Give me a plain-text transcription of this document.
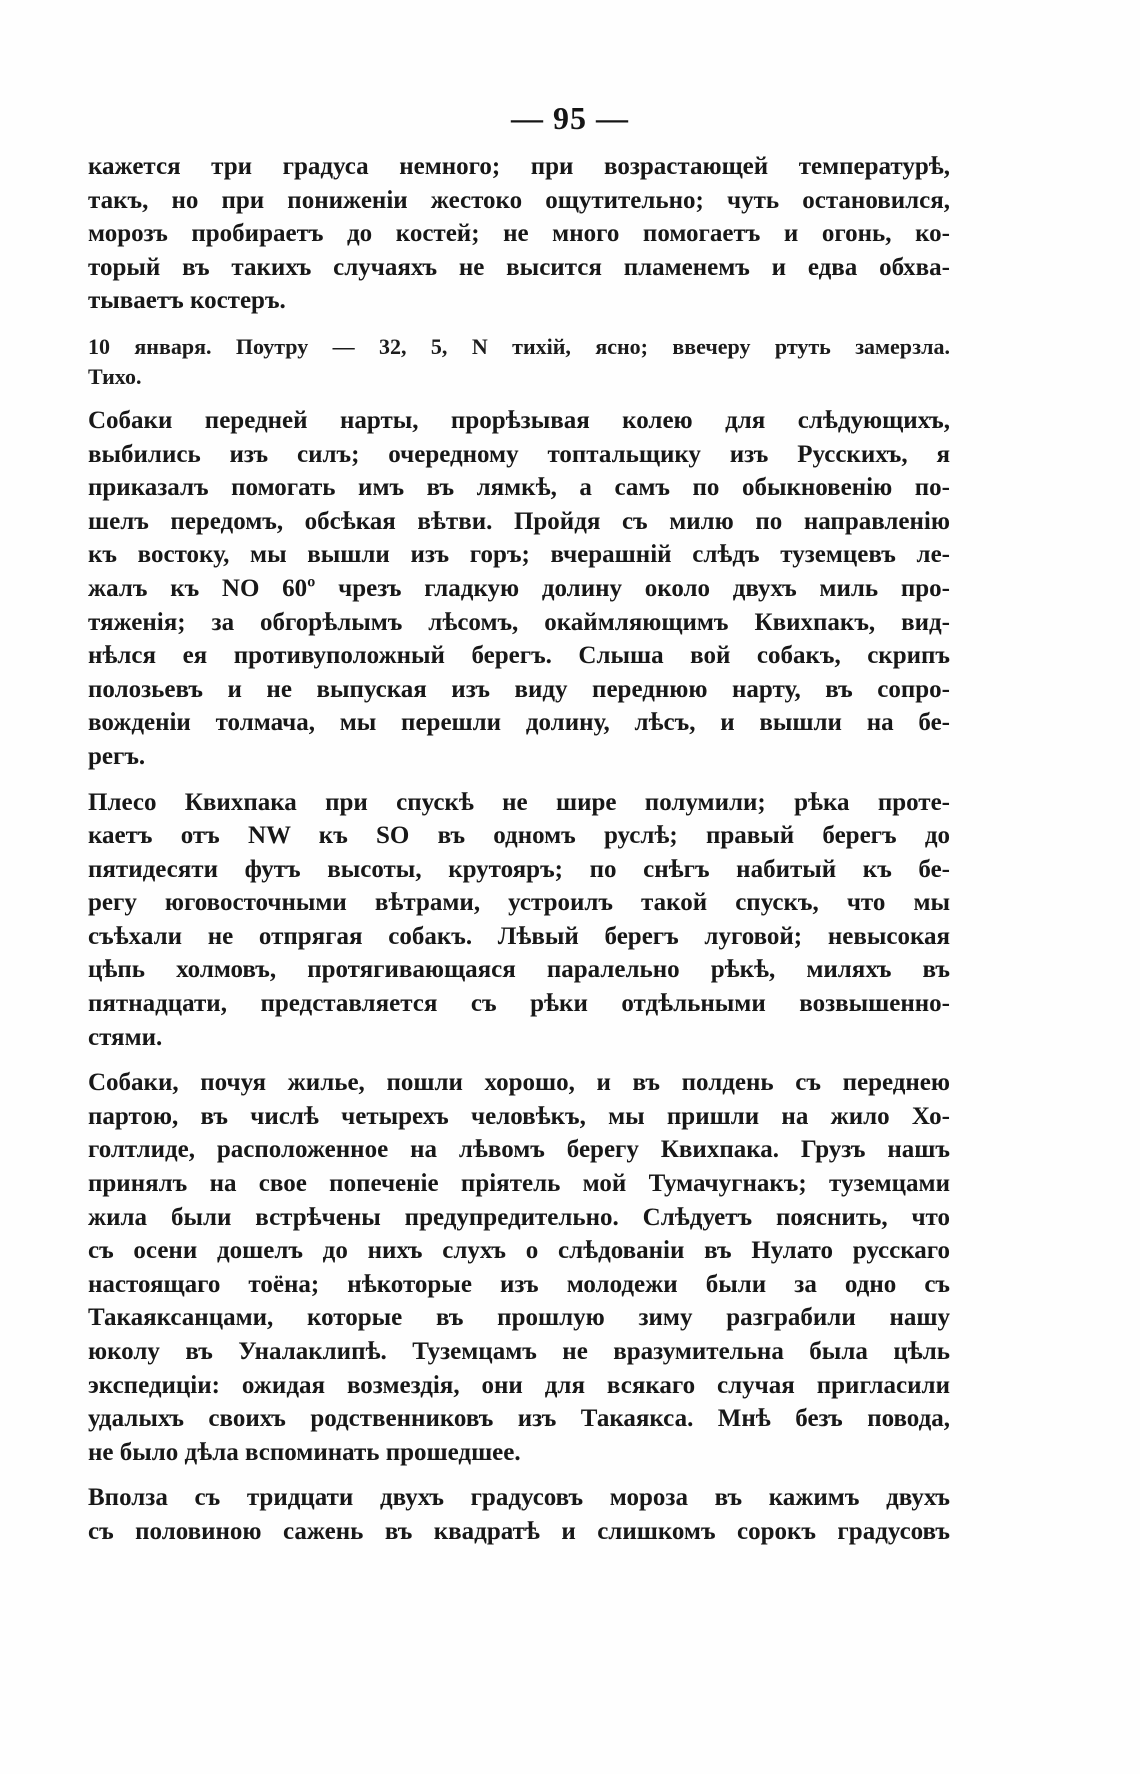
— 95 —

кажется три градуса немного; при возрастающей температурѣ,
такъ, но при пониженіи жестоко ощутительно; чуть остановился,
морозъ пробираетъ до костей; не много помогаетъ и огонь, ко-
торый въ такихъ случаяхъ не высится пламенемъ и едва обхва-
тываетъ костеръ.

10 января. Поутру — 32, 5, N тихій, ясно; ввечеру ртуть замерзла.
Тихо.

Собаки передней нарты, прорѣзывая колею для слѣдующихъ,
выбились изъ силъ; очередному топтальщику изъ Русскихъ, я
приказалъ помогать имъ въ лямкѣ, а самъ по обыкновенію по-
шелъ передомъ, обсѣкая вѣтви. Пройдя съ милю по направленію
къ востоку, мы вышли изъ горъ; вчерашній слѣдъ туземцевъ ле-
жалъ къ NO 60º чрезъ гладкую долину около двухъ миль про-
тяженія; за обгорѣлымъ лѣсомъ, окаймляющимъ Квихпакъ, вид-
нѣлся ея противуположный берегъ. Слыша вой собакъ, скрипъ
полозьевъ и не выпуская изъ виду переднюю нарту, въ сопро-
вожденіи толмача, мы перешли долину, лѣсъ, и вышли на бе-
регъ.

Плесо Квихпака при спускѣ не шире полумили; рѣка проте-
каетъ отъ NW къ SO въ одномъ руслѣ; правый берегъ до
пятидесяти футъ высоты, крутояръ; по снѣгъ набитый къ бе-
регу юговосточными вѣтрами, устроилъ такой спускъ, что мы
съѣхали не отпрягая собакъ. Лѣвый берегъ луговой; невысокая
цѣпь холмовъ, протягивающаяся паралельно рѣкѣ, миляхъ въ
пятнадцати, представляется съ рѣки отдѣльными возвышенно-
стями.

Собаки, почуя жилье, пошли хорошо, и въ полдень съ переднею
партою, въ числѣ четырехъ человѣкъ, мы пришли на жило Хо-
голтлиде, расположенное на лѣвомъ берегу Квихпака. Грузъ нашъ
принялъ на свое попеченіе пріятель мой Тумачугнакъ; туземцами
жила были встрѣчены предупредительно. Слѣдуетъ пояснить, что
съ осени дошелъ до нихъ слухъ о слѣдованіи въ Нулато русскаго
настоящаго тоёна; нѣкоторые изъ молодежи были за одно съ
Такаяксанцами, которые въ прошлую зиму разграбили нашу
юколу въ Уналаклипѣ. Туземцамъ не вразумительна была цѣль
экспедиціи: ожидая возмездія, они для всякаго случая пригласили
удалыхъ своихъ родственниковъ изъ Такаякса. Мнѣ безъ повода,
не было дѣла вспоминать прошедшее.

Вполза съ тридцати двухъ градусовъ мороза въ кажимъ двухъ
съ половиною сажень въ квадратѣ и слишкомъ сорокъ градусовъ
